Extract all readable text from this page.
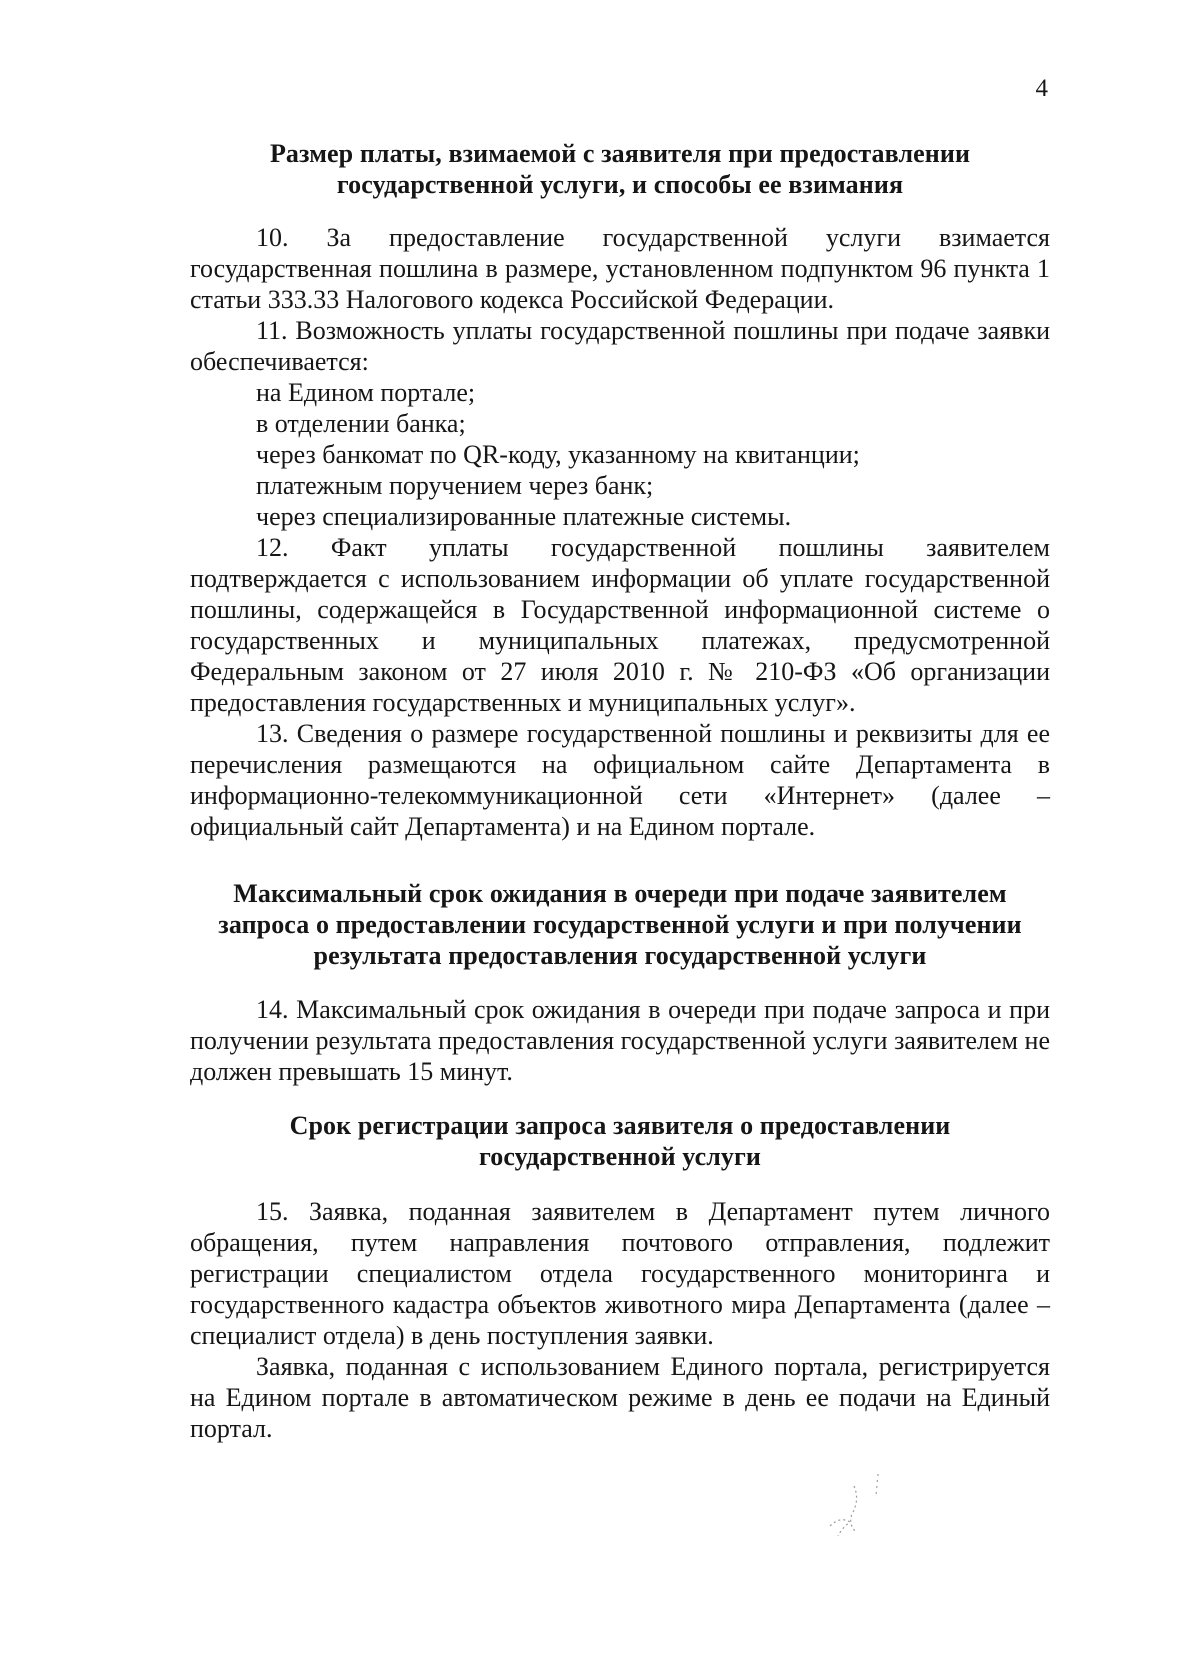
4
Размер платы, взимаемой с заявителя при предоставлении
государственной услуги, и способы ее взимания

10. За предоставление государственной услуги взимается государственная пошлина в размере, установленном подпунктом 96 пункта 1 статьи 333.33 Налогового кодекса Российской Федерации.

11. Возможность уплаты государственной пошлины при подаче заявки обеспечивается:

на Едином портале;

в отделении банка;

через банкомат по QR-коду, указанному на квитанции;

платежным поручением через банк;

через специализированные платежные системы.

12. Факт уплаты государственной пошлины заявителем подтверждается с использованием информации об уплате государственной пошлины, содержащейся в Государственной информационной системе о государственных и муниципальных платежах, предусмотренной Федеральным законом от 27 июля 2010 г. № 210-ФЗ «Об организации предоставления государственных и муниципальных услуг».

13. Сведения о размере государственной пошлины и реквизиты для ее перечисления размещаются на официальном сайте Департамента в информационно-телекоммуникационной сети «Интернет» (далее – официальный сайт Департамента) и на Едином портале.

Максимальный срок ожидания в очереди при подаче заявителем
запроса о предоставлении государственной услуги и при получении
результата предоставления государственной услуги

14. Максимальный срок ожидания в очереди при подаче запроса и при получении результата предоставления государственной услуги заявителем не должен превышать 15 минут.

Срок регистрации запроса заявителя о предоставлении
государственной услуги

15. Заявка, поданная заявителем в Департамент путем личного обращения, путем направления почтового отправления, подлежит регистрации специалистом отдела государственного мониторинга и государственного кадастра объектов животного мира Департамента (далее – специалист отдела) в день поступления заявки.

Заявка, поданная с использованием Единого портала, регистрируется на Едином портале в автоматическом режиме в день ее подачи на Единый портал.
